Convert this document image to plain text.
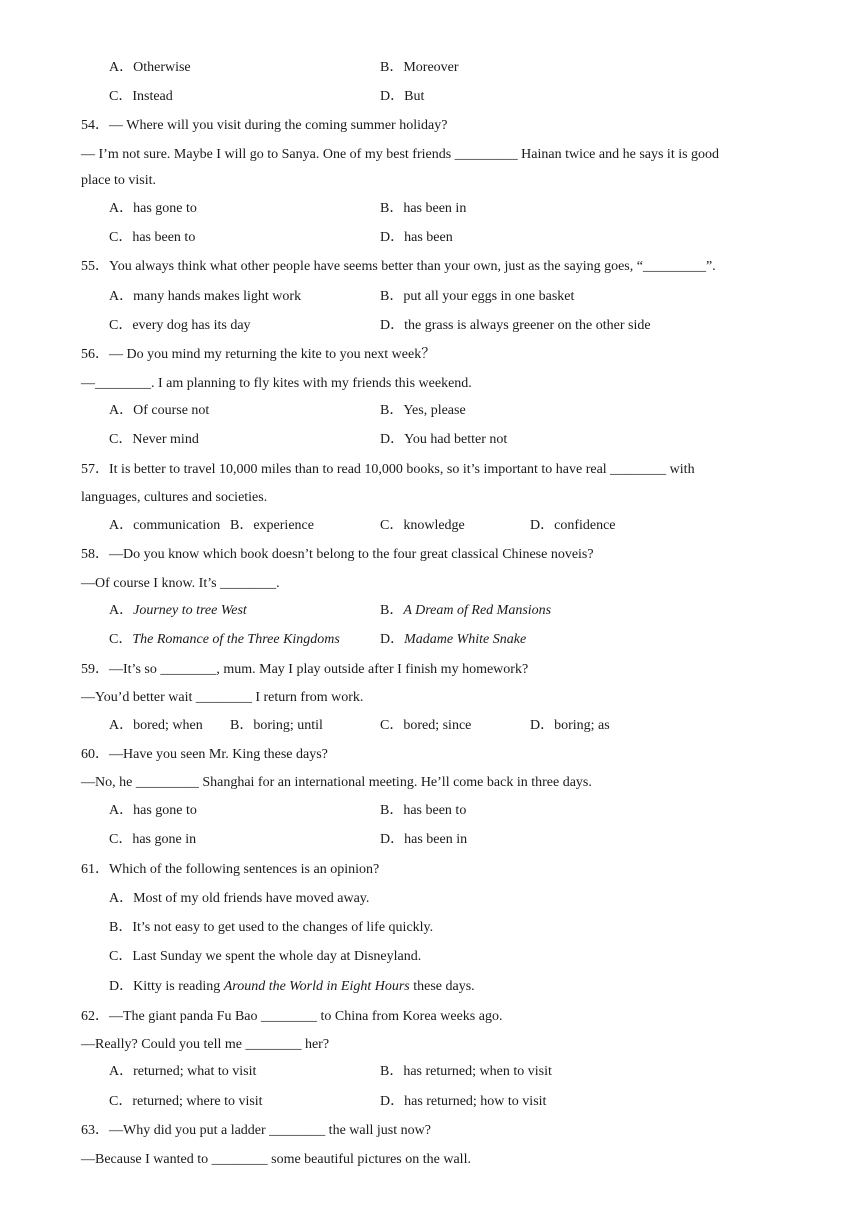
A．Otherwise	B．Moreover
C．Instead	D．But
54．— Where will you visit during the coming summer holiday?
— I’m not sure. Maybe I will go to Sanya. One of my best friends _________ Hainan twice and he says it is good
place to visit.
A．has gone to	B．has been in
C．has been to	D．has been
55．You always think what other people have seems better than your own, just as the saying goes, “_________”.
A．many hands makes light work	B．put all your eggs in one basket
C．every dog has its day	D．the grass is always greener on the other side
56．— Do you mind my returning the kite to you next week？
—________. I am planning to fly kites with my friends this weekend.
A．Of course not	B．Yes, please
C．Never mind	D．You had better not
57．It is better to travel 10,000 miles than to read 10,000 books, so it’s important to have real ________ with
languages, cultures and societies.
A．communication B．experience	C．knowledge	D．confidence
58．—Do you know which book doesn’t belong to the four great classical Chinese noveis?
—Of course I know. It’s ________.
A．Journey to tree West	B．A Dream of Red Mansions
C．The Romance of the Three Kingdoms	D．Madame White Snake
59．—It’s so ________, mum. May I play outside after I finish my homework?
—You’d better wait ________ I return from work.
A．bored; when B．boring; until	C．bored; since	D．boring; as
60．—Have you seen Mr. King these days?
—No, he _________ Shanghai for an international meeting. He’ll come back in three days.
A．has gone to	B．has been to
C．has gone in	D．has been in
61．Which of the following sentences is an opinion?
A．Most of my old friends have moved away.
B．It’s not easy to get used to the changes of life quickly.
C．Last Sunday we spent the whole day at Disneyland.
D．Kitty is reading Around the World in Eight Hours these days.
62．—The giant panda Fu Bao ________ to China from Korea weeks ago.
—Really? Could you tell me ________ her?
A．returned; what to visit	B．has returned; when to visit
C．returned; where to visit	D．has returned; how to visit
63．—Why did you put a ladder ________ the wall just now?
—Because I wanted to ________ some beautiful pictures on the wall.
